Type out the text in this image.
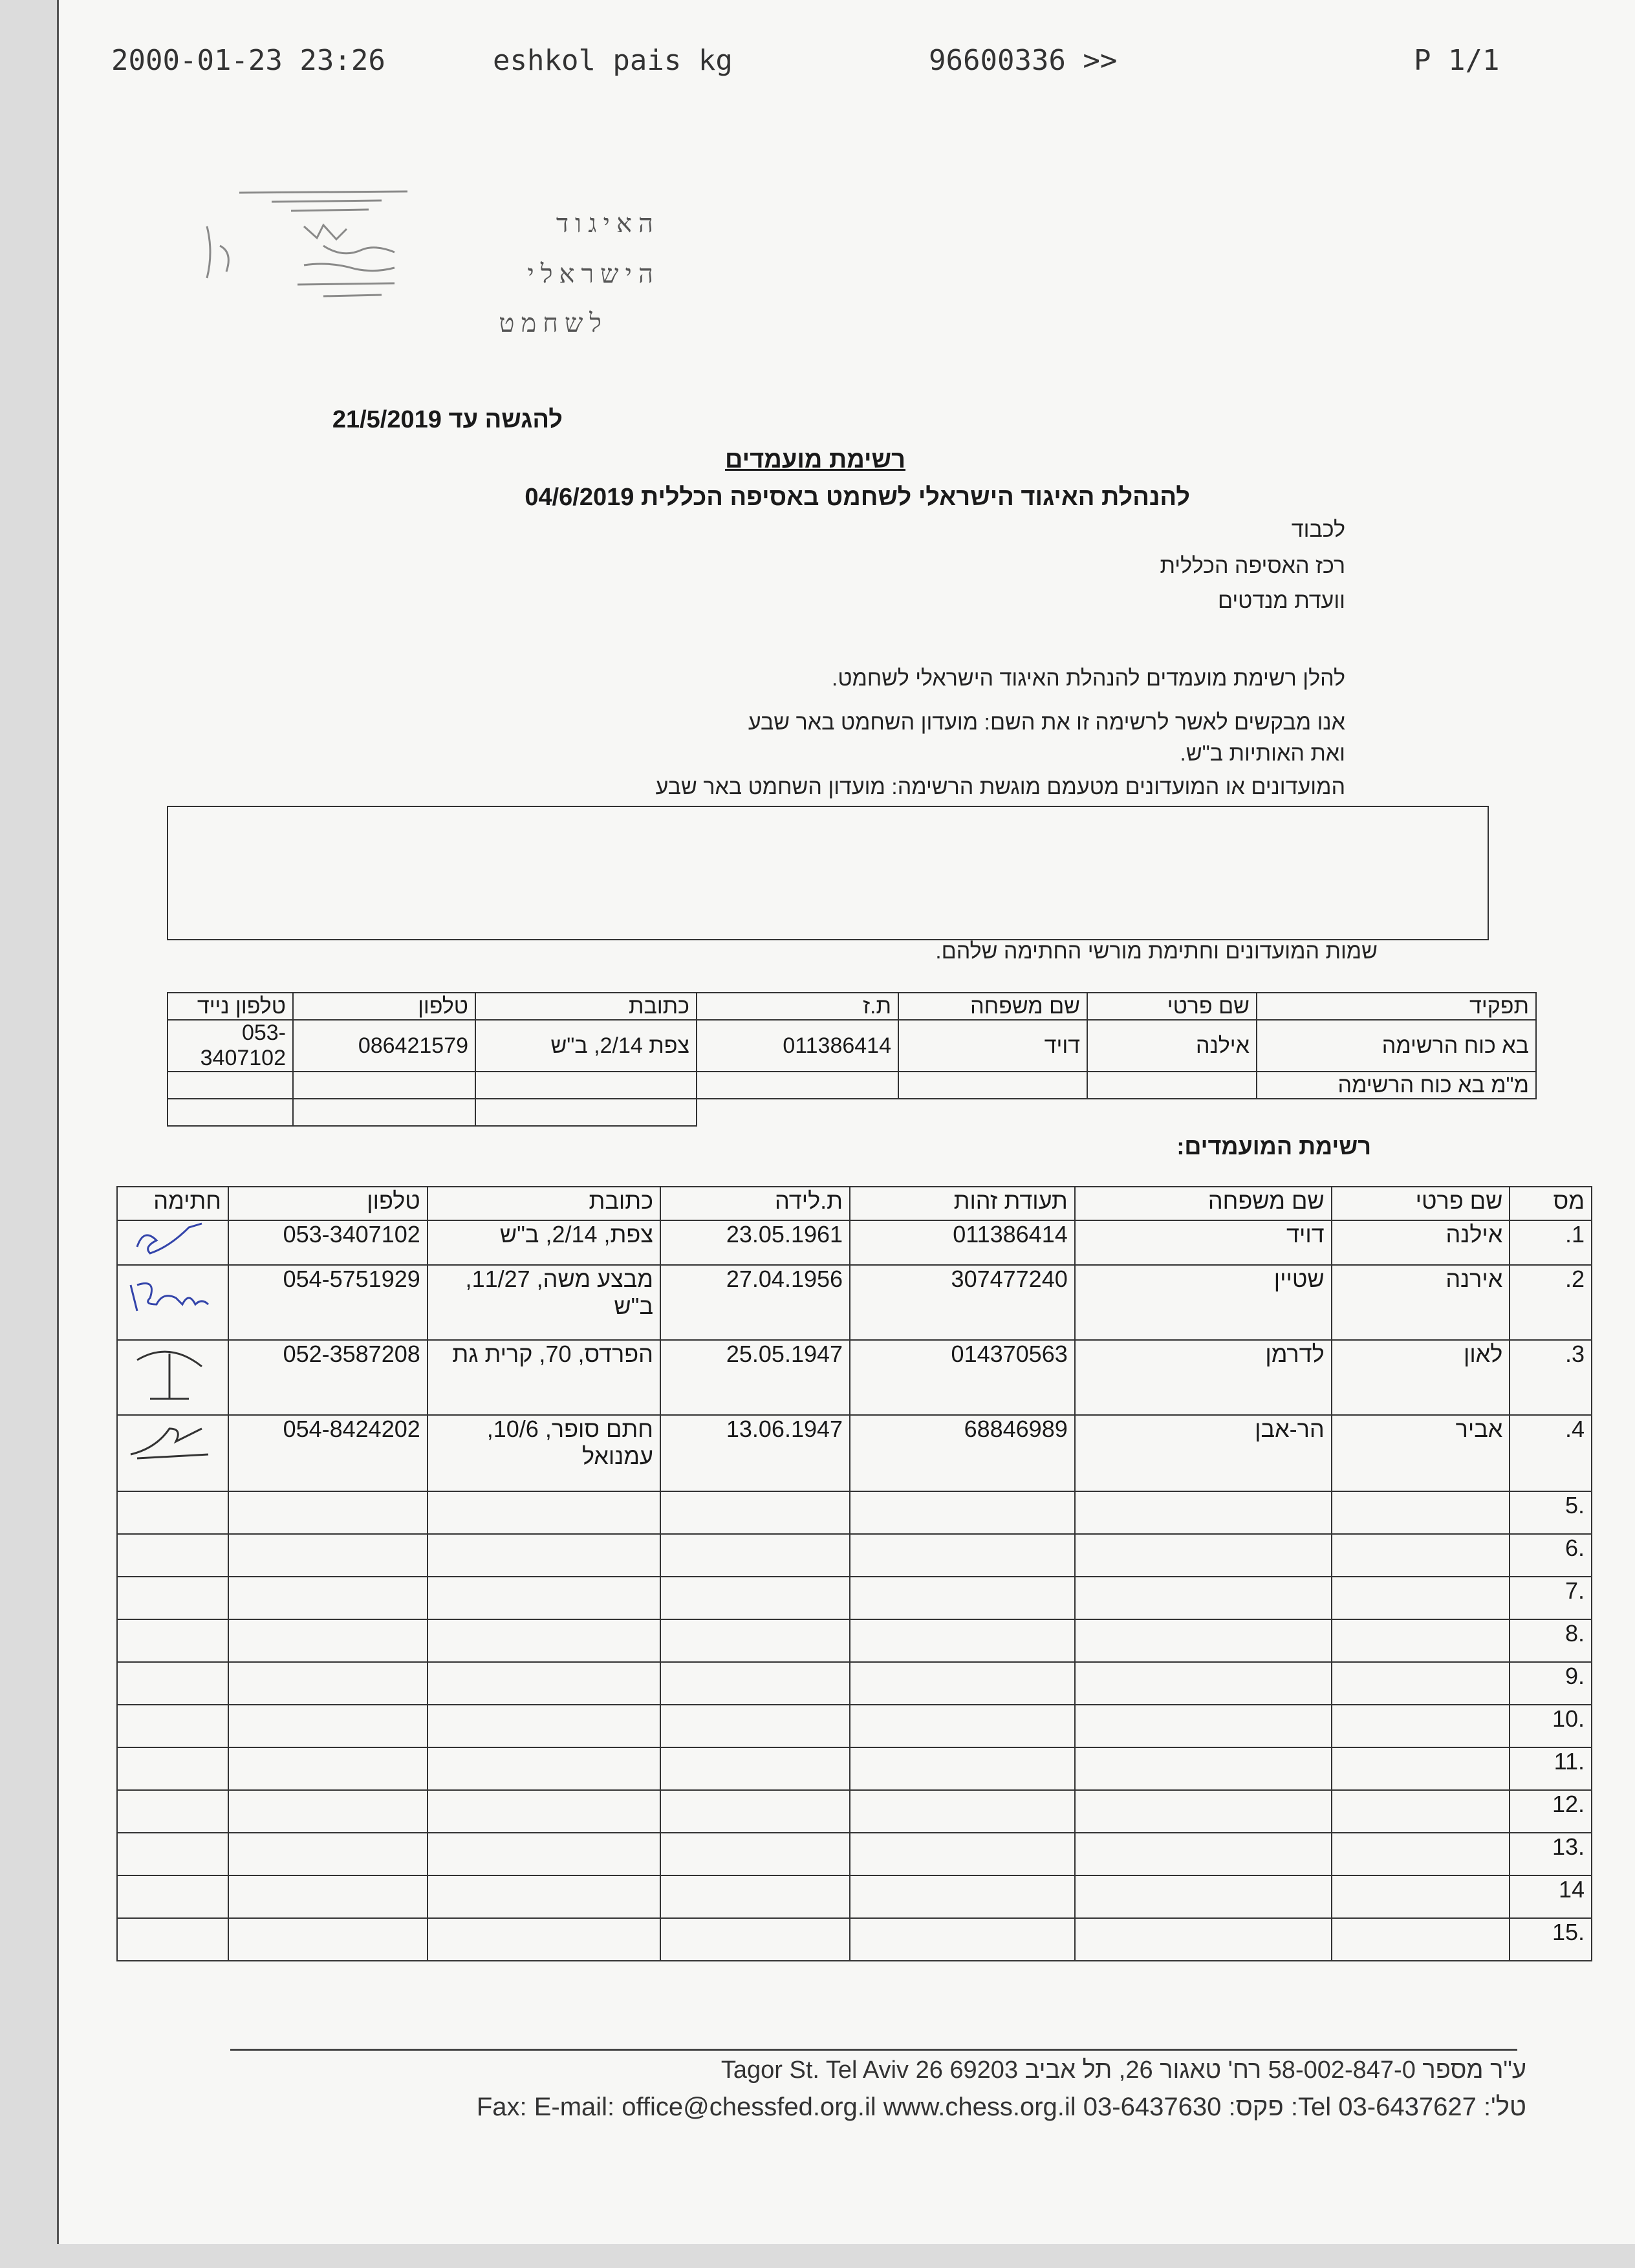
2000-01-23 23:26	eshkol pais kg	96600336 >>	P 1/1
האיגוד
הישראלי
לשחמט
להגשה עד 21/5/2019
רשימת מועמדים
להנהלת האיגוד הישראלי לשחמט באסיפה הכללית 04/6/2019
לכבוד
רכז האסיפה הכללית
וועדת מנדטים
להלן רשימת מועמדים להנהלת האיגוד הישראלי לשחמט.
אנו מבקשים לאשר לרשימה זו את השם: מועדון השחמט באר שבע
ואת האותיות ב"ש.
המועדונים או המועדונים מטעמם מוגשת הרשימה: מועדון השחמט באר שבע
שמות המועדונים וחתימת מורשי החתימה שלהם.
תפקיד	שם פרטי	שם משפחה	ת.ז	כתובת	טלפון	טלפון נייד
בא כוח הרשימה	אילנה	דויד	011386414	צפת 2/14, ב"ש	086421579	053-3407102
מ"מ בא כוח הרשימה						

רשימת המועמדים:
מס	שם פרטי	שם משפחה	תעודת זהות	ת.לידה	כתובת	טלפון	חתימה
1.	אילנה	דויד	011386414	23.05.1961	צפת, 2/14, ב"ש	053-3407102	
2.	אירנה	שטיין	307477240	27.04.1956	מבצע משה, 11/27, ב"ש	054-5751929	
3.	לאון	לדרמן	014370563	25.05.1947	הפרדס, 70, קרית גת	052-3587208	
4.	אביר	הר-אבן	68846989	13.06.1947	חתם סופר, 10/6, עמנואל	054-8424202	
.5							
.6							
.7							
.8							
.9							
.10							
.11							
.12							
.13							
14							
.15							
ע"ר מספר 58-002-847-0 רח' טאגור 26, תל אביב 69203 26 Tagor St. Tel Aviv
טל': 03-6437627 Tel: פקס: 03-6437630 Fax: E-mail: office@chessfed.org.il www.chess.org.il
